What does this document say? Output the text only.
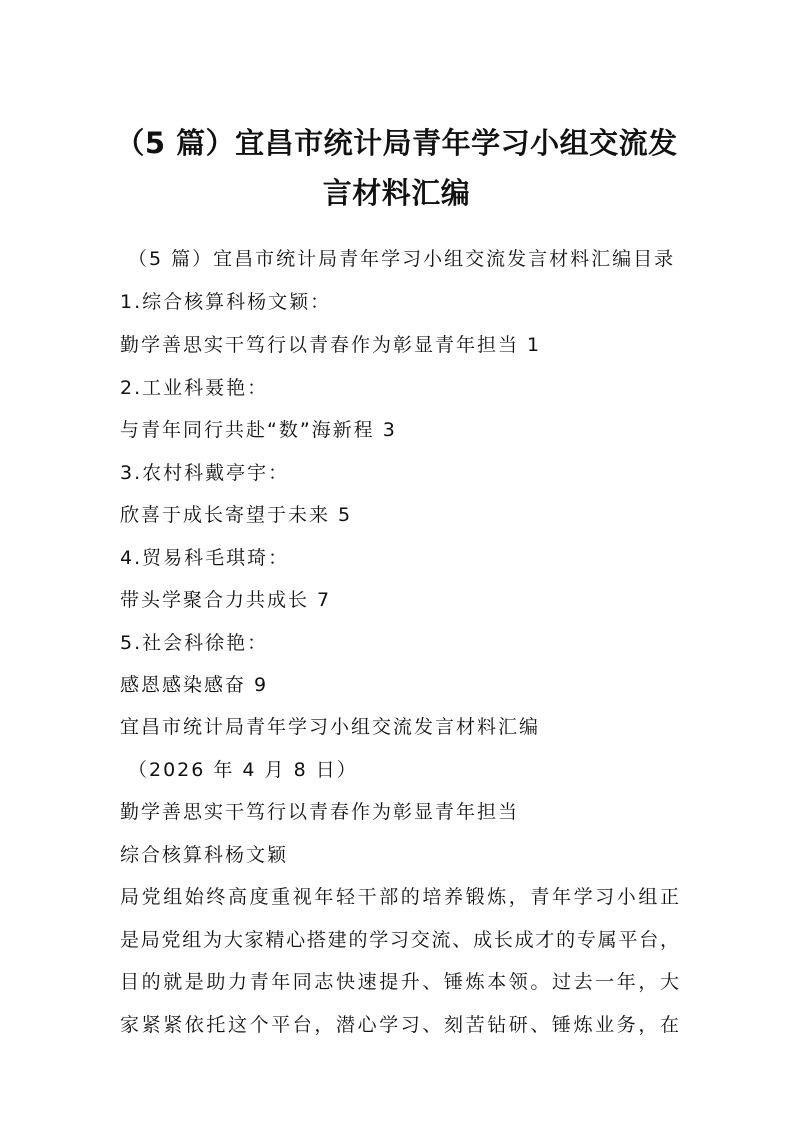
（5 篇）宜昌市统计局青年学习小组交流发
言材料汇编
（5 篇）宜昌市统计局青年学习小组交流发言材料汇编目录
1.综合核算科杨文颖：
勤学善思实干笃行以青春作为彰显青年担当 1
2.工业科聂艳：
与青年同行共赴“数”海新程 3
3.农村科戴亭宇：
欣喜于成长寄望于未来 5
4.贸易科毛琪琦：
带头学聚合力共成长 7
5.社会科徐艳：
感恩感染感奋 9
宜昌市统计局青年学习小组交流发言材料汇编
（2026 年 4 月 8 日）
勤学善思实干笃行以青春作为彰显青年担当
综合核算科杨文颖
局党组始终高度重视年轻干部的培养锻炼，青年学习小组正
是局党组为大家精心搭建的学习交流、成长成才的专属平台，
目的就是助力青年同志快速提升、锤炼本领。过去一年，大
家紧紧依托这个平台，潜心学习、刻苦钻研、锤炼业务，在
